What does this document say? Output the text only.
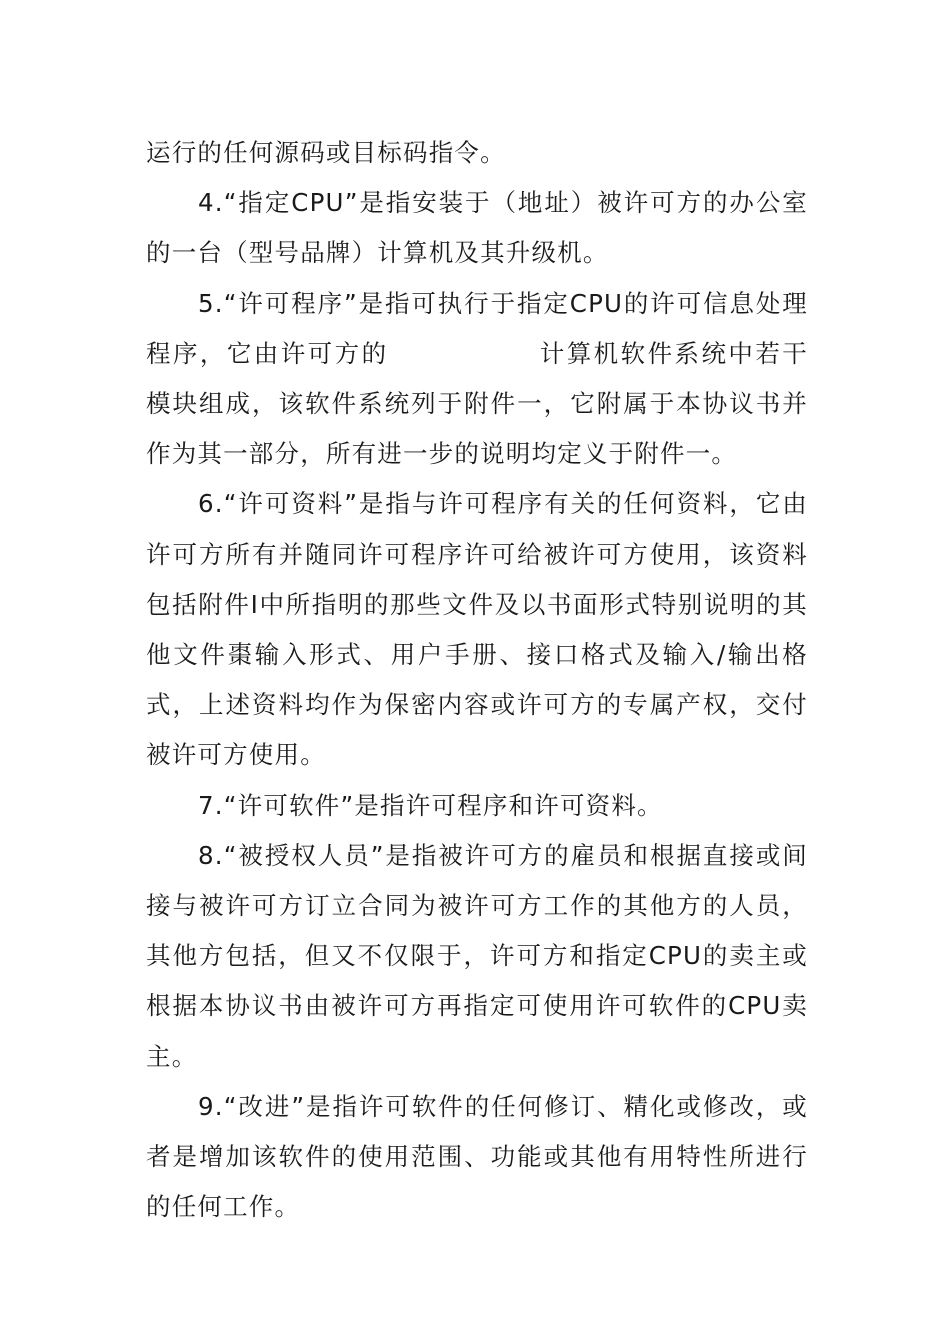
运行的任何源码或目标码指令。

4.“指定CPU”是指安装于（地址）被许可方的办公室的一台（型号品牌）计算机及其升级机。

5.“许可程序”是指可执行于指定CPU的许可信息处理程序，它由许可方的	计算机软件系统中若干模块组成，该软件系统列于附件一，它附属于本协议书并作为其一部分，所有进一步的说明均定义于附件一。

6.“许可资料”是指与许可程序有关的任何资料，它由许可方所有并随同许可程序许可给被许可方使用，该资料包括附件I中所指明的那些文件及以书面形式特别说明的其他文件棗输入形式、用户手册、接口格式及输入/输出格式，上述资料均作为保密内容或许可方的专属产权，交付被许可方使用。

7.“许可软件”是指许可程序和许可资料。

8.“被授权人员”是指被许可方的雇员和根据直接或间接与被许可方订立合同为被许可方工作的其他方的人员，其他方包括，但又不仅限于，许可方和指定CPU的卖主或根据本协议书由被许可方再指定可使用许可软件的CPU卖主。

9.“改进”是指许可软件的任何修订、精化或修改，或者是增加该软件的使用范围、功能或其他有用特性所进行的任何工作。
